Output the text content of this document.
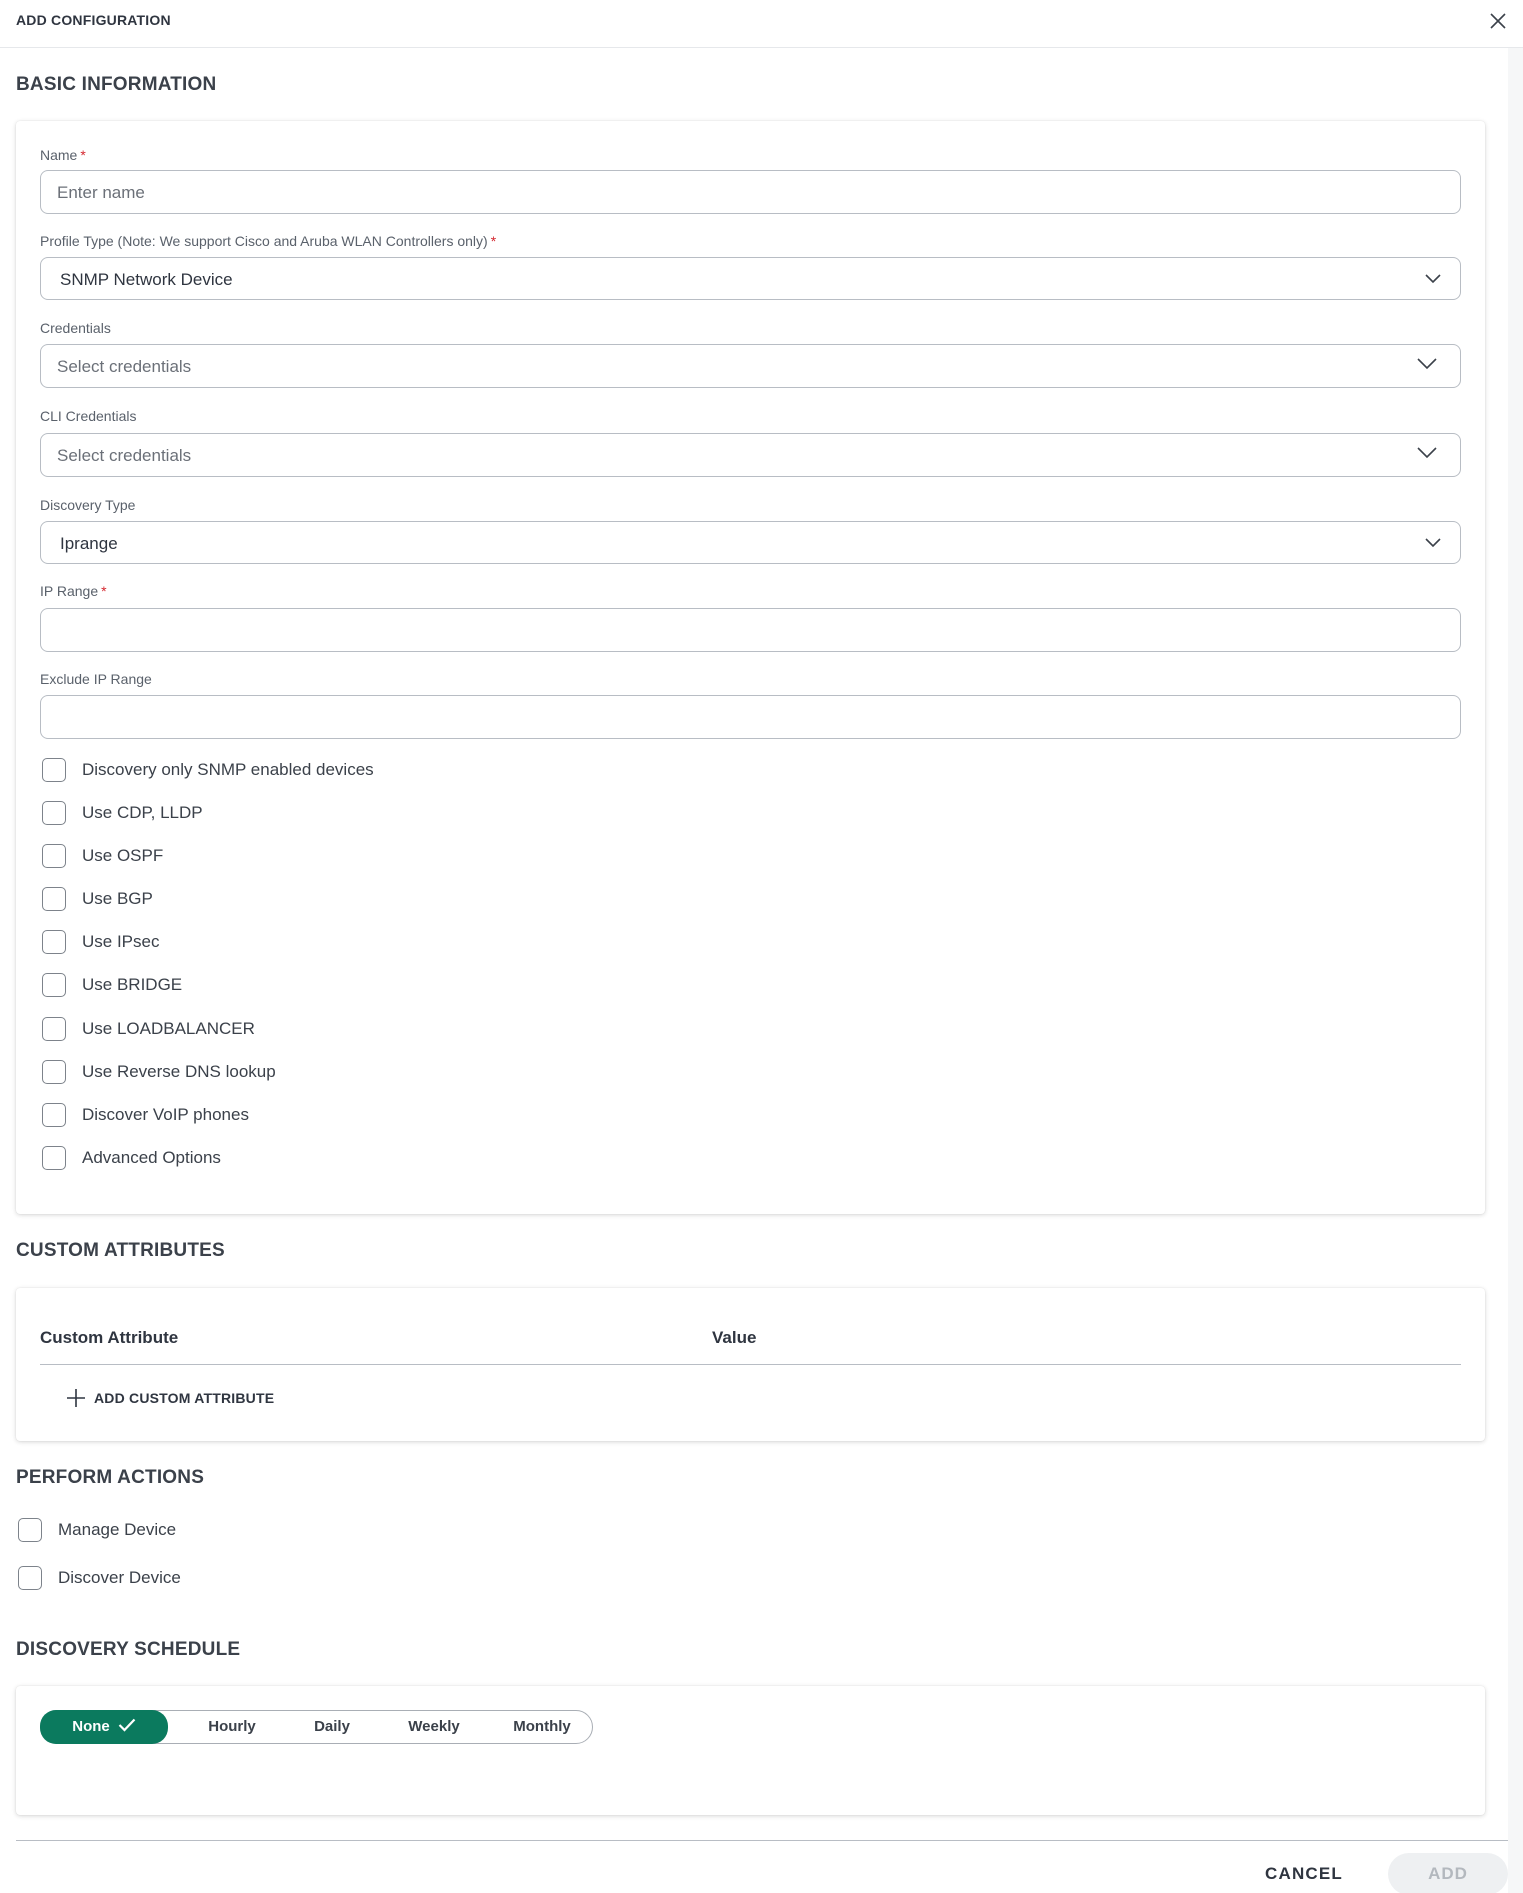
ADD CONFIGURATION
BASIC INFORMATION
Name *
Enter name
Profile Type (Note: We support Cisco and Aruba WLAN Controllers only) *
SNMP Network Device
Credentials
Select credentials
CLI Credentials
Select credentials
Discovery Type
Iprange
IP Range *
Exclude IP Range
Discovery only SNMP enabled devices
Use CDP, LLDP
Use OSPF
Use BGP
Use IPsec
Use BRIDGE
Use LOADBALANCER
Use Reverse DNS lookup
Discover VoIP phones
Advanced Options
CUSTOM ATTRIBUTES
Custom Attribute	Value
ADD CUSTOM ATTRIBUTE
PERFORM ACTIONS
Manage Device
Discover Device
DISCOVERY SCHEDULE
None	Hourly	Daily	Weekly	Monthly
CANCEL	ADD
